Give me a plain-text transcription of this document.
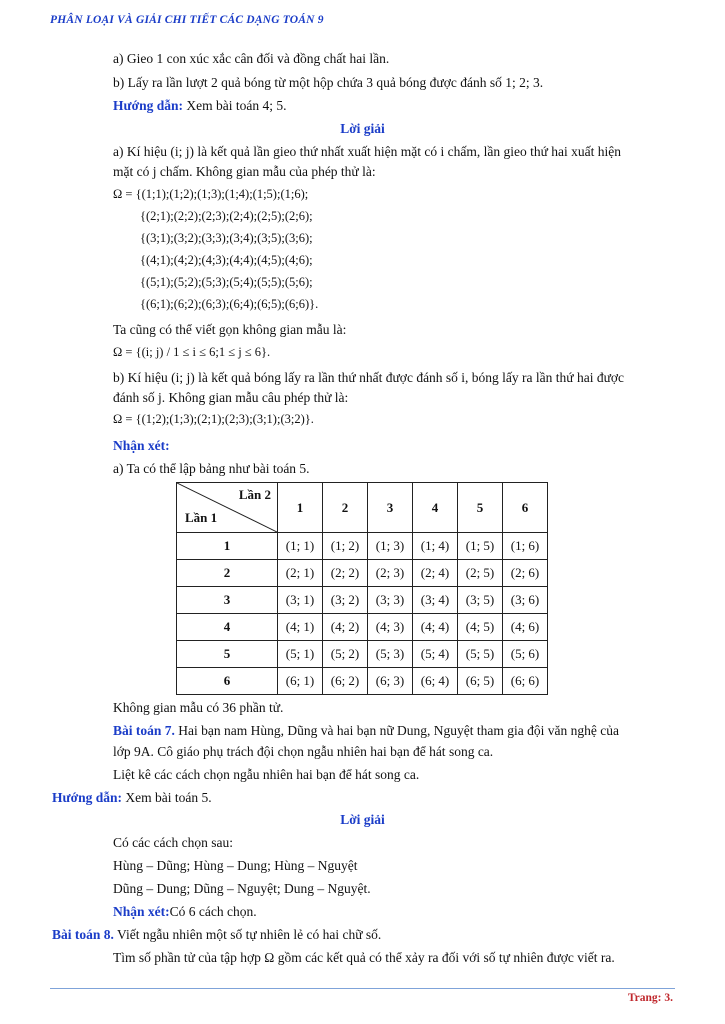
PHÂN LOẠI VÀ GIẢI CHI TIẾT CÁC DẠNG TOÁN 9
a) Gieo 1 con xúc xắc cân đối và đồng chất hai lần.
b) Lấy ra lần lượt 2 quả bóng từ một hộp chứa 3 quả bóng được đánh số 1; 2; 3.
Hướng dẫn: Xem bài toán 4; 5.
Lời giải
a) Kí hiệu (i; j) là kết quả lần gieo thứ nhất xuất hiện mặt có i chấm, lần gieo thứ hai xuất hiện
mặt có j chấm. Không gian mẫu của phép thử là:
Ω = {(1;1);(1;2);(1;3);(1;4);(1;5);(1;6);
{(2;1);(2;2);(2;3);(2;4);(2;5);(2;6);
{(3;1);(3;2);(3;3);(3;4);(3;5);(3;6);
{(4;1);(4;2);(4;3);(4;4);(4;5);(4;6);
{(5;1);(5;2);(5;3);(5;4);(5;5);(5;6);
{(6;1);(6;2);(6;3);(6;4);(6;5);(6;6)}.
Ta cũng có thể viết gọn không gian mẫu là:
Ω = {(i; j) / 1 ≤ i ≤ 6;1 ≤ j ≤ 6}.
b) Kí hiệu (i; j) là kết quả bóng lấy ra lần thứ nhất được đánh số i, bóng lấy ra lần thứ hai được
đánh số j. Không gian mẫu câu phép thử là:
Ω = {(1;2);(1;3);(2;1);(2;3);(3;1);(3;2)}.
Nhận xét:
a) Ta có thể lập bảng như bài toán 5.
Lần 2
Lần 1	1	2	3	4	5	6
1	(1; 1)	(1; 2)	(1; 3)	(1; 4)	(1; 5)	(1; 6)
2	(2; 1)	(2; 2)	(2; 3)	(2; 4)	(2; 5)	(2; 6)
3	(3; 1)	(3; 2)	(3; 3)	(3; 4)	(3; 5)	(3; 6)
4	(4; 1)	(4; 2)	(4; 3)	(4; 4)	(4; 5)	(4; 6)
5	(5; 1)	(5; 2)	(5; 3)	(5; 4)	(5; 5)	(5; 6)
6	(6; 1)	(6; 2)	(6; 3)	(6; 4)	(6; 5)	(6; 6)
Không gian mẫu có 36 phần tử.
Bài toán 7. Hai bạn nam Hùng, Dũng và hai bạn nữ Dung, Nguyệt tham gia đội văn nghệ của
lớp 9A. Cô giáo phụ trách đội chọn ngẫu nhiên hai bạn để hát song ca.
Liệt kê các cách chọn ngẫu nhiên hai bạn để hát song ca.
Hướng dẫn: Xem bài toán 5.
Lời giải
Có các cách chọn sau:
Hùng – Dũng; Hùng – Dung; Hùng – Nguyệt
Dũng – Dung; Dũng – Nguyệt; Dung – Nguyệt.
Nhận xét:Có 6 cách chọn.
Bài toán 8. Viết ngẫu nhiên một số tự nhiên lẻ có hai chữ số.
Tìm số phần tử của tập hợp Ω gồm các kết quả có thể xảy ra đối với số tự nhiên được viết ra.
Trang: 3.
